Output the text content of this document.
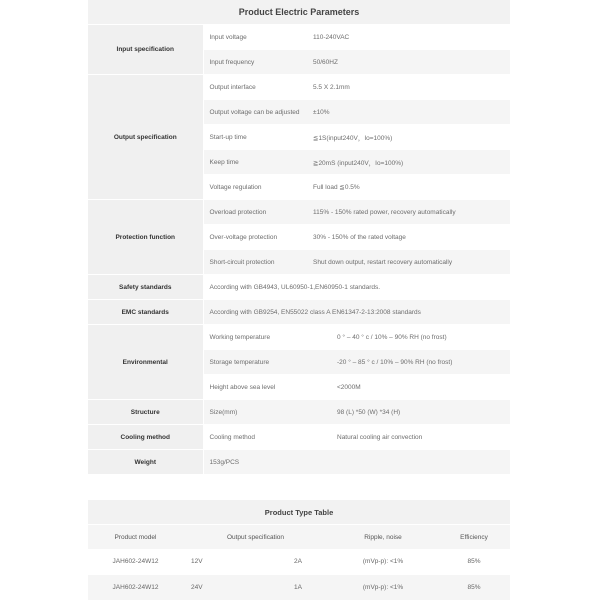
Product Electric Parameters		
Input specification	Input voltage	110-240VAC
	Input frequency	50/60HZ
Output specification	Output interface	5.5 X 2.1mm
	Output voltage can be adjusted	±10%
	Start-up time	≦1S(input240V，Io=100%)
	Keep time	≧20mS (input240V，Io=100%)
	Voltage regulation	Full load ≦0.5%
Protection function	Overload protection	115% - 150% rated power, recovery automatically
	Over-voltage protection	30% - 150% of the rated voltage
	Short-circuit protection	Shut down output, restart recovery automatically
Safety standards	According with GB4943, UL60950-1,EN60950-1 standards.	
EMC standards	According with GB9254, EN55022 class A EN61347-2-13:2008 standards	
Environmental	Working temperature	0 ° – 40 ° c / 10% – 90% RH (no frost)
	Storage temperature	-20 ° – 85 ° c / 10% – 90% RH (no frost)
	Height above sea level	<2000M
Structure	Size(mm)	98 (L) *50 (W) *34 (H)
Cooling method	Cooling method	Natural cooling air convection
Weight	153g/PCS	
Product Type Table				
Product model	Output specification		Ripple, noise	Efficiency
JAH602-24W12	12V	2A	(mVp-p): <1%	85%
JAH602-24W12	24V	1A	(mVp-p): <1%	85%
